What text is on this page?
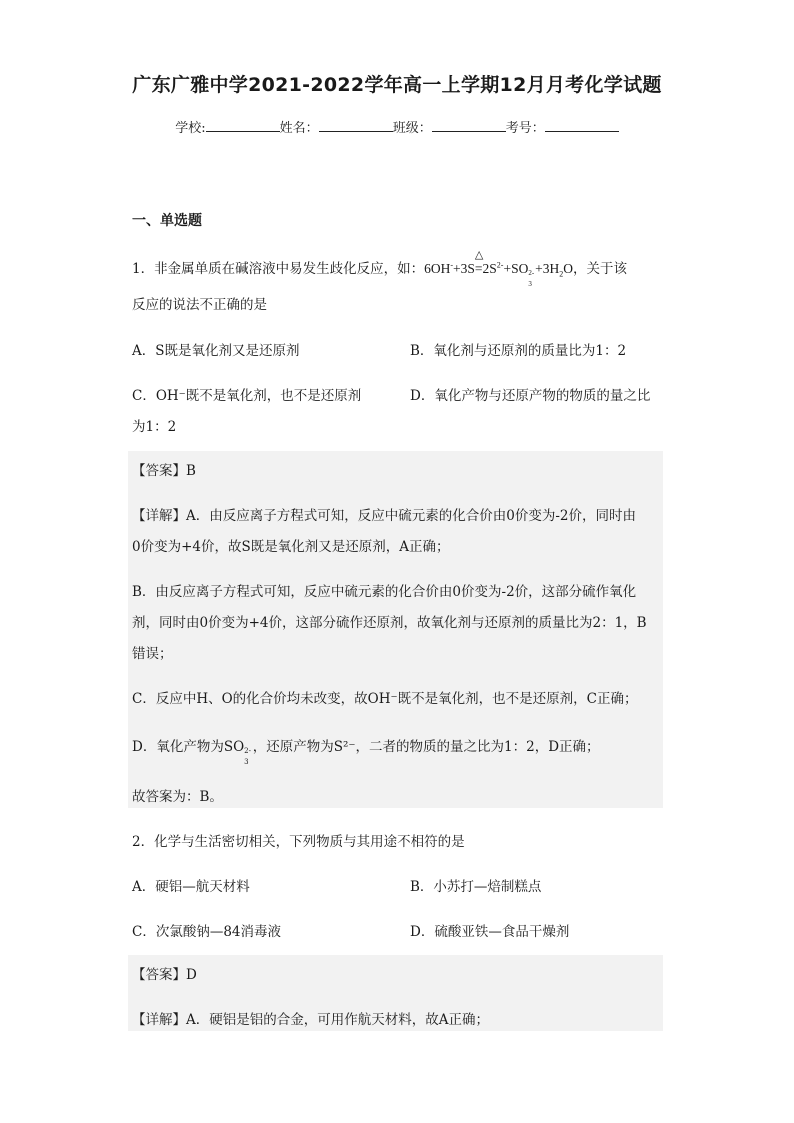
广东广雅中学2021-2022学年高一上学期12月月考化学试题
学校:	姓名：	班级：	考号：
一、单选题
1．非金属单质在碱溶液中易发生歧化反应，如：6OH-+3S
△
$=2S^{2-}+SO$ 2-
3
$+3H_2O$，关于该
反应的说法不正确的是
A．S既是氧化剂又是还原剂	B．氧化剂与还原剂的质量比为1：2
C．OH⁻既不是氧化剂，也不是还原剂	D．氧化产物与还原产物的物质的量之比
为1：2
【答案】B
【详解】A．由反应离子方程式可知，反应中硫元素的化合价由0价变为-2价，同时由
0价变为+4价，故S既是氧化剂又是还原剂，A正确；
B．由反应离子方程式可知，反应中硫元素的化合价由0价变为-2价，这部分硫作氧化
剂，同时由0价变为+4价，这部分硫作还原剂，故氧化剂与还原剂的质量比为2：1，B
错误；
C．反应中H、O的化合价均未改变，故OH⁻既不是氧化剂，也不是还原剂，C正确；
D．氧化产物为SO 2-
3
，还原产物为S²⁻，二者的物质的量之比为1：2，D正确；
故答案为：B。
2．化学与生活密切相关，下列物质与其用途不相符的是
A．硬铝—航天材料	B．小苏打—焙制糕点
C．次氯酸钠—84消毒液	D．硫酸亚铁—食品干燥剂
【答案】D
【详解】A．硬铝是铝的合金，可用作航天材料，故A正确；
